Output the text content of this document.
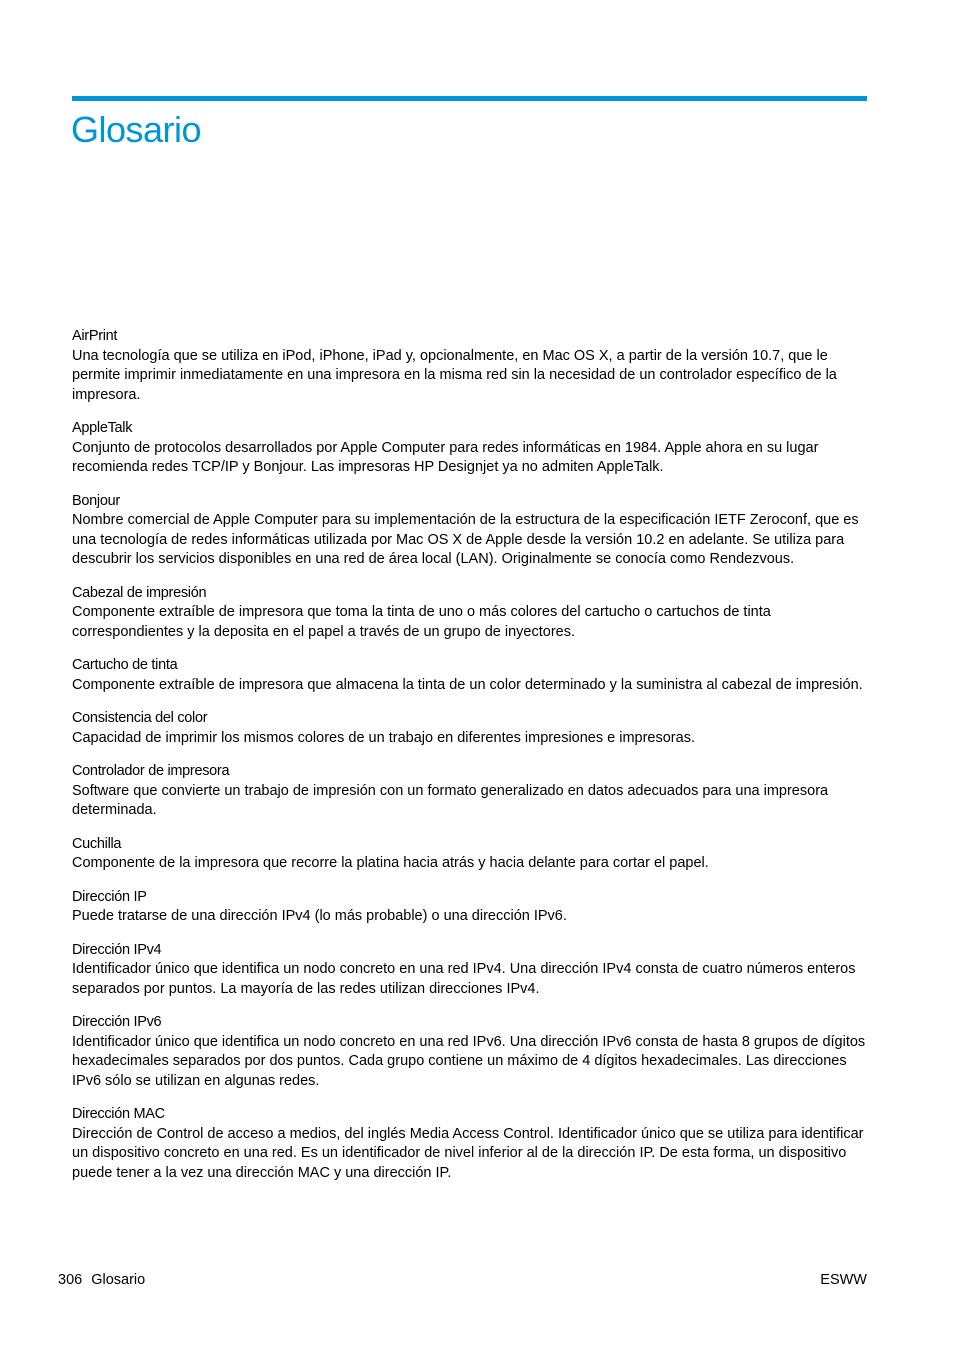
Glosario
AirPrint
Una tecnología que se utiliza en iPod, iPhone, iPad y, opcionalmente, en Mac OS X, a partir de la versión 10.7, que le permite imprimir inmediatamente en una impresora en la misma red sin la necesidad de un controlador específico de la impresora.
AppleTalk
Conjunto de protocolos desarrollados por Apple Computer para redes informáticas en 1984. Apple ahora en su lugar recomienda redes TCP/IP y Bonjour. Las impresoras HP Designjet ya no admiten AppleTalk.
Bonjour
Nombre comercial de Apple Computer para su implementación de la estructura de la especificación IETF Zeroconf, que es una tecnología de redes informáticas utilizada por Mac OS X de Apple desde la versión 10.2 en adelante. Se utiliza para descubrir los servicios disponibles en una red de área local (LAN). Originalmente se conocía como Rendezvous.
Cabezal de impresión
Componente extraíble de impresora que toma la tinta de uno o más colores del cartucho o cartuchos de tinta correspondientes y la deposita en el papel a través de un grupo de inyectores.
Cartucho de tinta
Componente extraíble de impresora que almacena la tinta de un color determinado y la suministra al cabezal de impresión.
Consistencia del color
Capacidad de imprimir los mismos colores de un trabajo en diferentes impresiones e impresoras.
Controlador de impresora
Software que convierte un trabajo de impresión con un formato generalizado en datos adecuados para una impresora determinada.
Cuchilla
Componente de la impresora que recorre la platina hacia atrás y hacia delante para cortar el papel.
Dirección IP
Puede tratarse de una dirección IPv4 (lo más probable) o una dirección IPv6.
Dirección IPv4
Identificador único que identifica un nodo concreto en una red IPv4. Una dirección IPv4 consta de cuatro números enteros separados por puntos. La mayoría de las redes utilizan direcciones IPv4.
Dirección IPv6
Identificador único que identifica un nodo concreto en una red IPv6. Una dirección IPv6 consta de hasta 8 grupos de dígitos hexadecimales separados por dos puntos. Cada grupo contiene un máximo de 4 dígitos hexadecimales. Las direcciones IPv6 sólo se utilizan en algunas redes.
Dirección MAC
Dirección de Control de acceso a medios, del inglés Media Access Control. Identificador único que se utiliza para identificar un dispositivo concreto en una red. Es un identificador de nivel inferior al de la dirección IP. De esta forma, un dispositivo puede tener a la vez una dirección MAC y una dirección IP.
306 Glosario	ESWW
